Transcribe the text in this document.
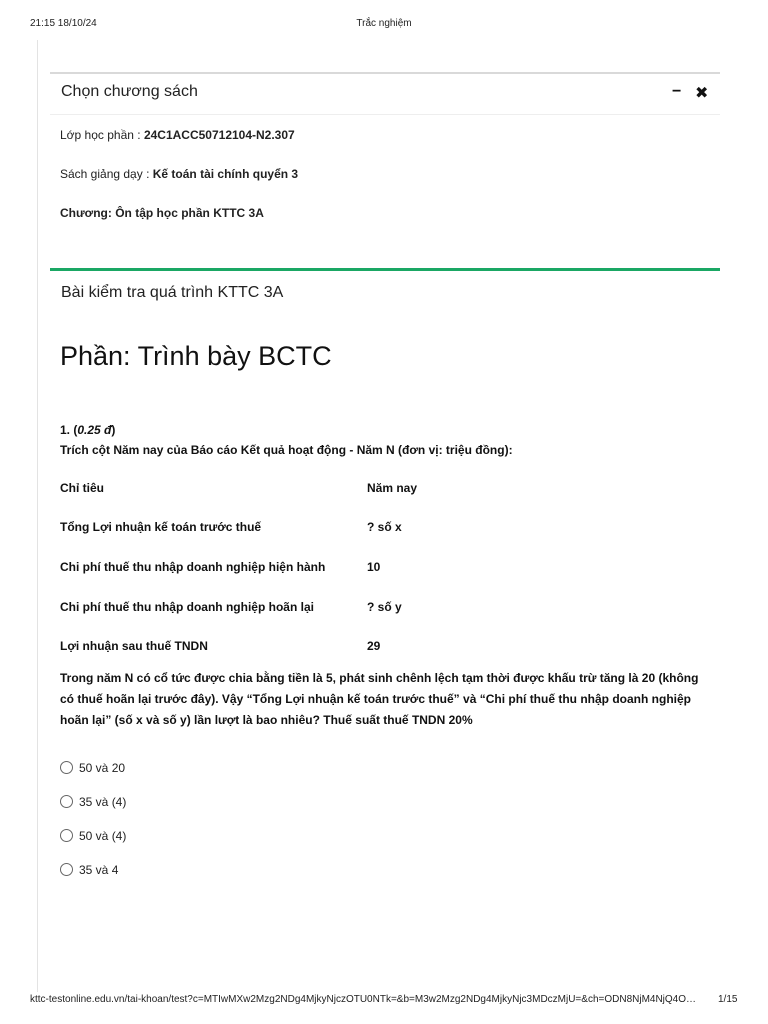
21:15 18/10/24	Trắc nghiệm
Chọn chương sách	− ✖
Lớp học phần : 24C1ACC50712104-N2.307
Sách giảng dạy : Kế toán tài chính quyển 3
Chương: Ôn tập học phần KTTC 3A
Bài kiểm tra quá trình KTTC 3A
Phần: Trình bày BCTC
1. (0.25 đ)
Trích cột Năm nay của Báo cáo Kết quả hoạt động - Năm N (đơn vị: triệu đồng):
Chỉ tiêu	Năm nay
Tổng Lợi nhuận kế toán trước thuế	? số x
Chi phí thuế thu nhập doanh nghiệp hiện hành	10
Chi phí thuế thu nhập doanh nghiệp hoãn lại	? số y
Lợi nhuận sau thuế TNDN	29
Trong năm N có cổ tức được chia bằng tiền là 5, phát sinh chênh lệch tạm thời được khấu trừ tăng là 20 (không có thuế hoãn lại trước đây). Vậy “Tổng Lợi nhuận kế toán trước thuế” và “Chi phí thuế thu nhập doanh nghiệp hoãn lại” (số x và số y) lần lượt là bao nhiêu? Thuế suất thuế TNDN 20%
50 và 20
35 và (4)
50 và (4)
35 và 4
kttc-testonline.edu.vn/tai-khoan/test?c=MTIwMXw2Mzg2NDg4MjkyNjczOTU0NTk=&b=M3w2Mzg2NDg4MjkyNjc3MDczMjU=&ch=ODN8NjM4NjQ4O…	1/15
